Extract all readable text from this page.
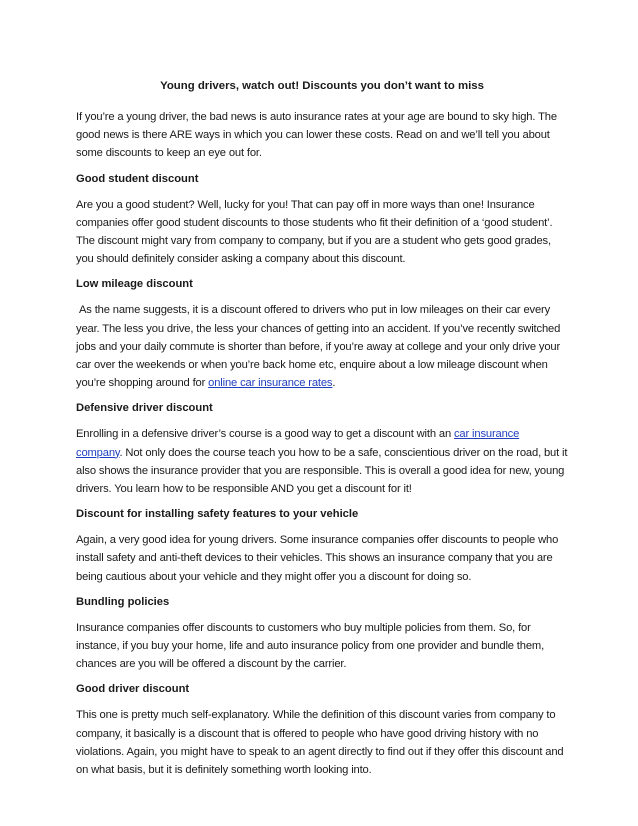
Young drivers, watch out! Discounts you don’t want to miss

If you’re a young driver, the bad news is auto insurance rates at your age are bound to sky high. The good news is there ARE ways in which you can lower these costs. Read on and we’ll tell you about some discounts to keep an eye out for.

Good student discount

Are you a good student? Well, lucky for you! That can pay off in more ways than one! Insurance companies offer good student discounts to those students who fit their definition of a ‘good student’. The discount might vary from company to company, but if you are a student who gets good grades, you should definitely consider asking a company about this discount.

Low mileage discount

As the name suggests, it is a discount offered to drivers who put in low mileages on their car every year. The less you drive, the less your chances of getting into an accident. If you’ve recently switched jobs and your daily commute is shorter than before, if you’re away at college and your only drive your car over the weekends or when you’re back home etc, enquire about a low mileage discount when you’re shopping around for online car insurance rates.

Defensive driver discount

Enrolling in a defensive driver’s course is a good way to get a discount with an car insurance company. Not only does the course teach you how to be a safe, conscientious driver on the road, but it also shows the insurance provider that you are responsible. This is overall a good idea for new, young drivers. You learn how to be responsible AND you get a discount for it!

Discount for installing safety features to your vehicle

Again, a very good idea for young drivers. Some insurance companies offer discounts to people who install safety and anti-theft devices to their vehicles. This shows an insurance company that you are being cautious about your vehicle and they might offer you a discount for doing so.

Bundling policies

Insurance companies offer discounts to customers who buy multiple policies from them. So, for instance, if you buy your home, life and auto insurance policy from one provider and bundle them, chances are you will be offered a discount by the carrier.

Good driver discount

This one is pretty much self-explanatory. While the definition of this discount varies from company to company, it basically is a discount that is offered to people who have good driving history with no violations. Again, you might have to speak to an agent directly to find out if they offer this discount and on what basis, but it is definitely something worth looking into.
